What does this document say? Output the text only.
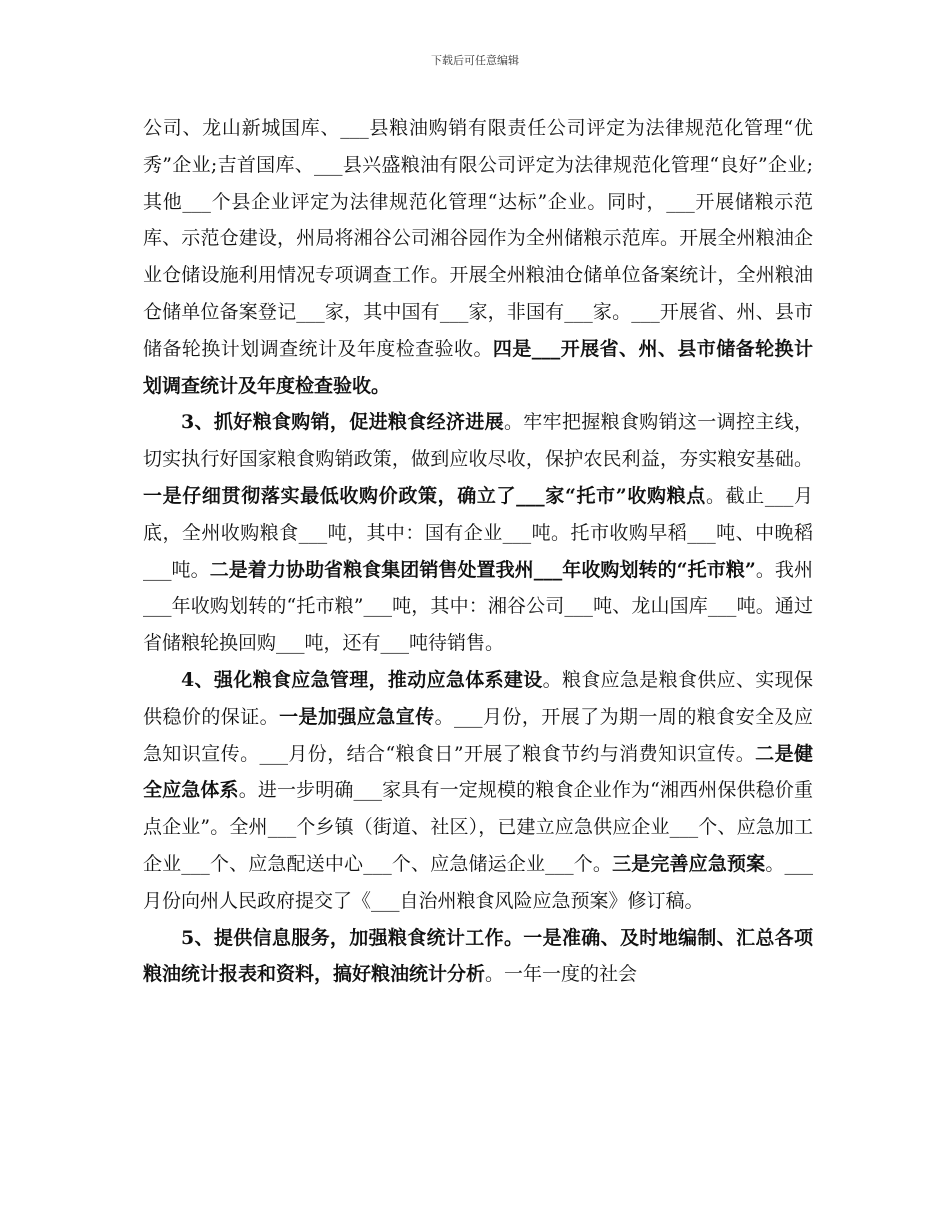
下载后可任意编辑

公司、龙山新城国库、___县粮油购销有限责任公司评定为法律规范化管理“优秀”企业;吉首国库、___县兴盛粮油有限公司评定为法律规范化管理“良好”企业;其他___个县企业评定为法律规范化管理“达标”企业。同时，___开展储粮示范库、示范仓建设，州局将湘谷公司湘谷园作为全州储粮示范库。开展全州粮油企业仓储设施利用情况专项调查工作。开展全州粮油仓储单位备案统计，全州粮油仓储单位备案登记___家，其中国有___家，非国有___家。___开展省、州、县市储备轮换计划调查统计及年度检查验收。四是___开展省、州、县市储备轮换计划调查统计及年度检查验收。

3、抓好粮食购销，促进粮食经济进展。牢牢把握粮食购销这一调控主线，切实执行好国家粮食购销政策，做到应收尽收，保护农民利益，夯实粮安基础。一是仔细贯彻落实最低收购价政策，确立了___家“托市”收购粮点。截止___月底，全州收购粮食___吨，其中：国有企业___吨。托市收购早稻___吨、中晚稻___吨。二是着力协助省粮食集团销售处置我州___年收购划转的“托市粮”。我州___年收购划转的“托市粮”___吨，其中：湘谷公司___吨、龙山国库___吨。通过省储粮轮换回购___吨，还有___吨待销售。

4、强化粮食应急管理，推动应急体系建设。粮食应急是粮食供应、实现保供稳价的保证。一是加强应急宣传。___月份，开展了为期一周的粮食安全及应急知识宣传。___月份，结合“粮食日”开展了粮食节约与消费知识宣传。二是健全应急体系。进一步明确___家具有一定规模的粮食企业作为“湘西州保供稳价重点企业”。全州___个乡镇（街道、社区），已建立应急供应企业___个、应急加工企业___个、应急配送中心___个、应急储运企业___个。三是完善应急预案。___月份向州人民政府提交了《___自治州粮食风险应急预案》修订稿。

5、提供信息服务，加强粮食统计工作。一是准确、及时地编制、汇总各项粮油统计报表和资料，搞好粮油统计分析。一年一度的社会
